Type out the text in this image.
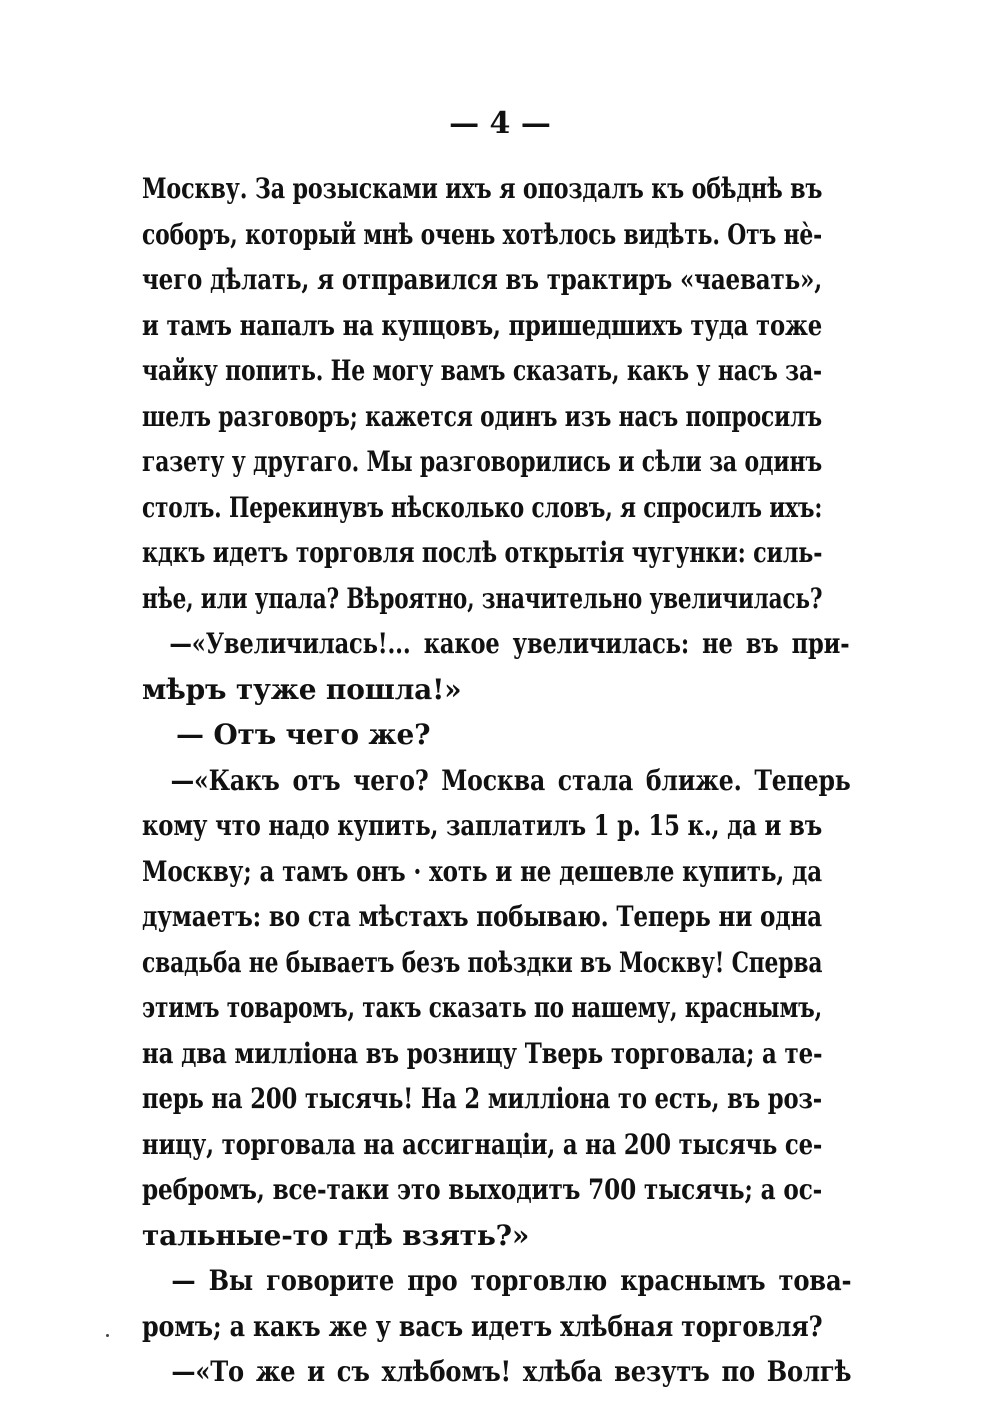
— 4 —

Москву. За розысками ихъ я опоздалъ къ обѣднѣ въ
соборъ, который мнѣ очень хотѣлось видѣть. Отъ нѐ-
чего дѣлать, я отправился въ трактиръ «чаевать»,
и тамъ напалъ на купцовъ, пришедшихъ туда тоже
чайку попить. Не могу вамъ сказать, какъ у насъ за-
шелъ разговоръ; кажется одинъ изъ насъ попросилъ
газету у другаго. Мы разговорились и сѣли за одинъ
столъ. Перекинувъ нѣсколько словъ, я спросилъ ихъ:
кдкъ идетъ торговля послѣ открытія чугунки: силь-
нѣе, или упала? Вѣроятно, значительно увеличилась?
—«Увеличилась!... какое увеличилась: не въ при-
мѣръ туже пошла!»
— Отъ чего же?
—«Какъ отъ чего? Москва стала ближе. Теперь
кому что надо купить, заплатилъ 1 р. 15 к., да и въ
Москву; а тамъ онъ · хоть и не дешевле купить, да
думаетъ: во ста мѣстахъ побываю. Теперь ни одна
свадьба не бываетъ безъ поѣздки въ Москву! Сперва
этимъ товаромъ, такъ сказать по нашему, краснымъ,
на два милліона въ розницу Тверь торговала; а те-
перь на 200 тысячь! На 2 милліона то есть, въ роз-
ницу, торговала на ассигнаціи, а на 200 тысячь се-
ребромъ, все-таки это выходитъ 700 тысячь; а ос-
тальные-то гдѣ взять?»
— Вы говорите про торговлю краснымъ това-
ромъ; а какъ же у васъ идетъ хлѣбная торговля?
—«То же и съ хлѣбомъ! хлѣба везутъ по Волгѣ
